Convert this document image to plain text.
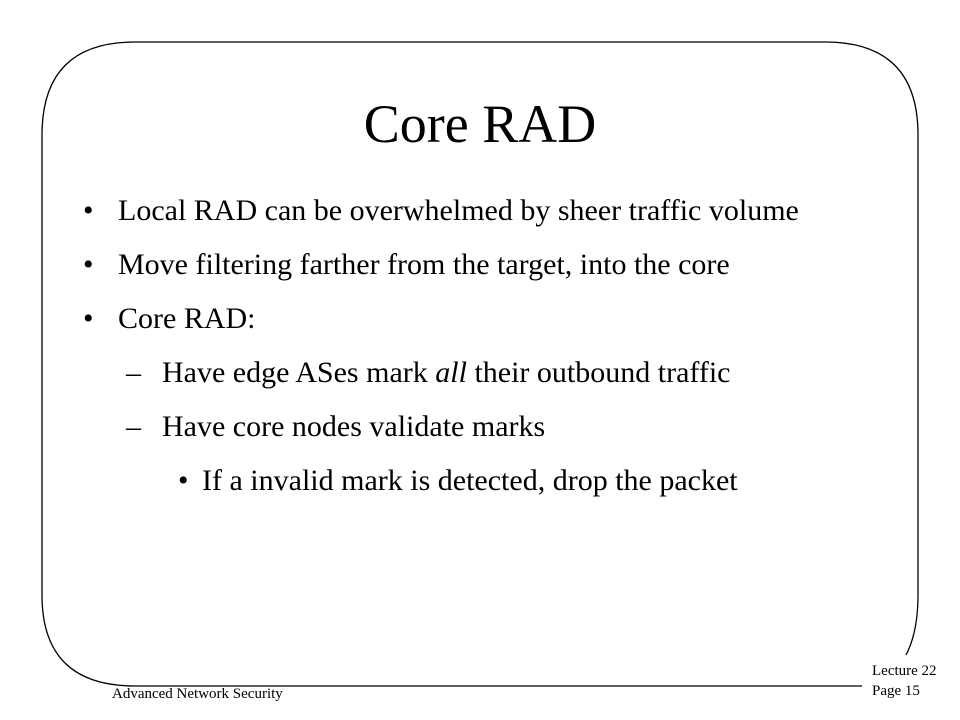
Core RAD
• Local RAD can be overwhelmed by sheer traffic volume
• Move filtering farther from the target, into the core
• Core RAD:
– Have edge ASes mark all their outbound traffic
– Have core nodes validate marks
• If a invalid mark is detected, drop the packet
Advanced Network Security
Lecture 22
Page 15
